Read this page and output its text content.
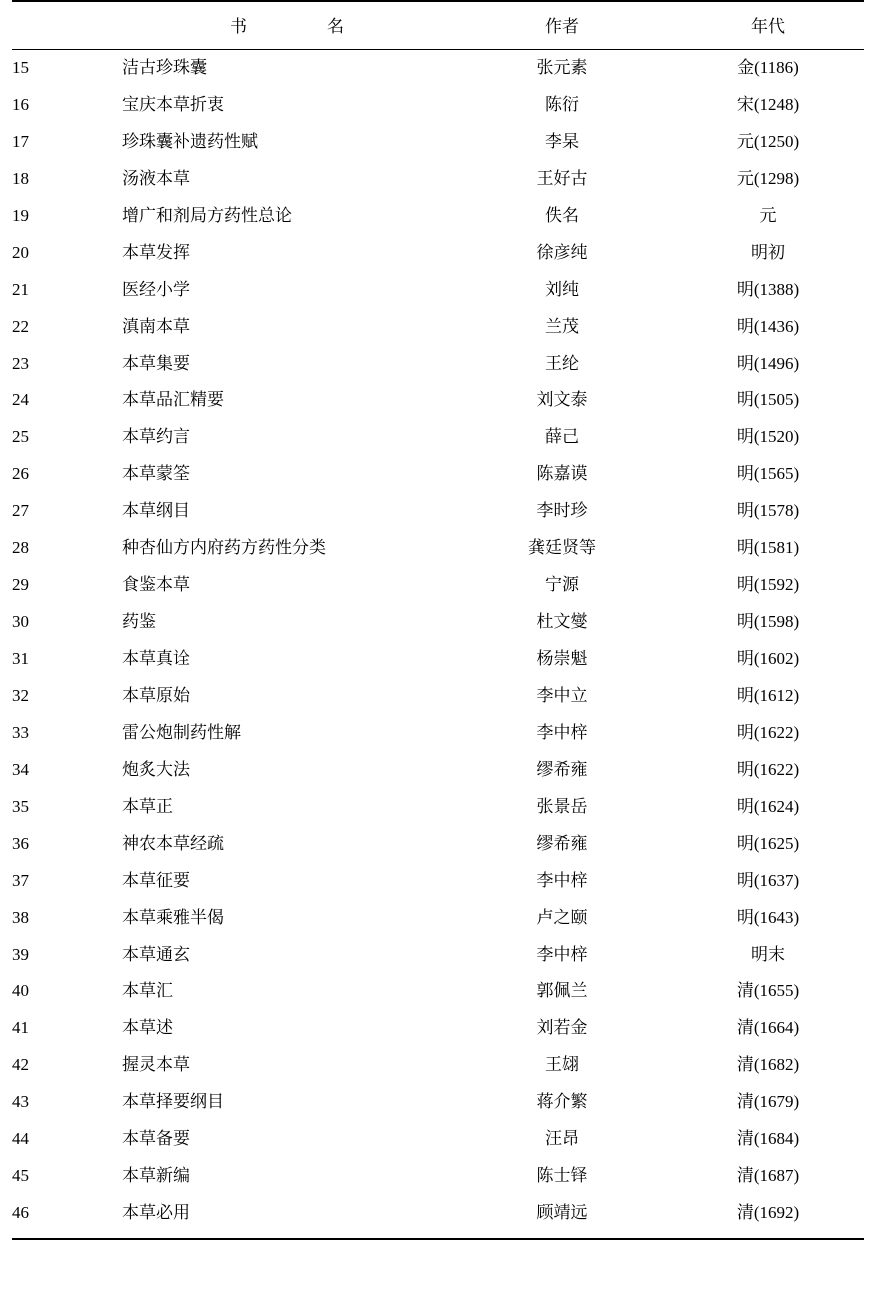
	书　　名	作者	年代
15	洁古珍珠囊	张元素	金(1186)
16	宝庆本草折衷	陈衍	宋(1248)
17	珍珠囊补遗药性赋	李杲	元(1250)
18	汤液本草	王好古	元(1298)
19	增广和剂局方药性总论	佚名	元
20	本草发挥	徐彦纯	明初
21	医经小学	刘纯	明(1388)
22	滇南本草	兰茂	明(1436)
23	本草集要	王纶	明(1496)
24	本草品汇精要	刘文泰	明(1505)
25	本草约言	薛己	明(1520)
26	本草蒙筌	陈嘉谟	明(1565)
27	本草纲目	李时珍	明(1578)
28	种杏仙方内府药方药性分类	龚廷贤等	明(1581)
29	食鉴本草	宁源	明(1592)
30	药鉴	杜文燮	明(1598)
31	本草真诠	杨崇魁	明(1602)
32	本草原始	李中立	明(1612)
33	雷公炮制药性解	李中梓	明(1622)
34	炮炙大法	缪希雍	明(1622)
35	本草正	张景岳	明(1624)
36	神农本草经疏	缪希雍	明(1625)
37	本草征要	李中梓	明(1637)
38	本草乘雅半偈	卢之颐	明(1643)
39	本草通玄	李中梓	明末
40	本草汇	郭佩兰	清(1655)
41	本草述	刘若金	清(1664)
42	握灵本草	王翃	清(1682)
43	本草择要纲目	蒋介繁	清(1679)
44	本草备要	汪昂	清(1684)
45	本草新编	陈士铎	清(1687)
46	本草必用	顾靖远	清(1692)
